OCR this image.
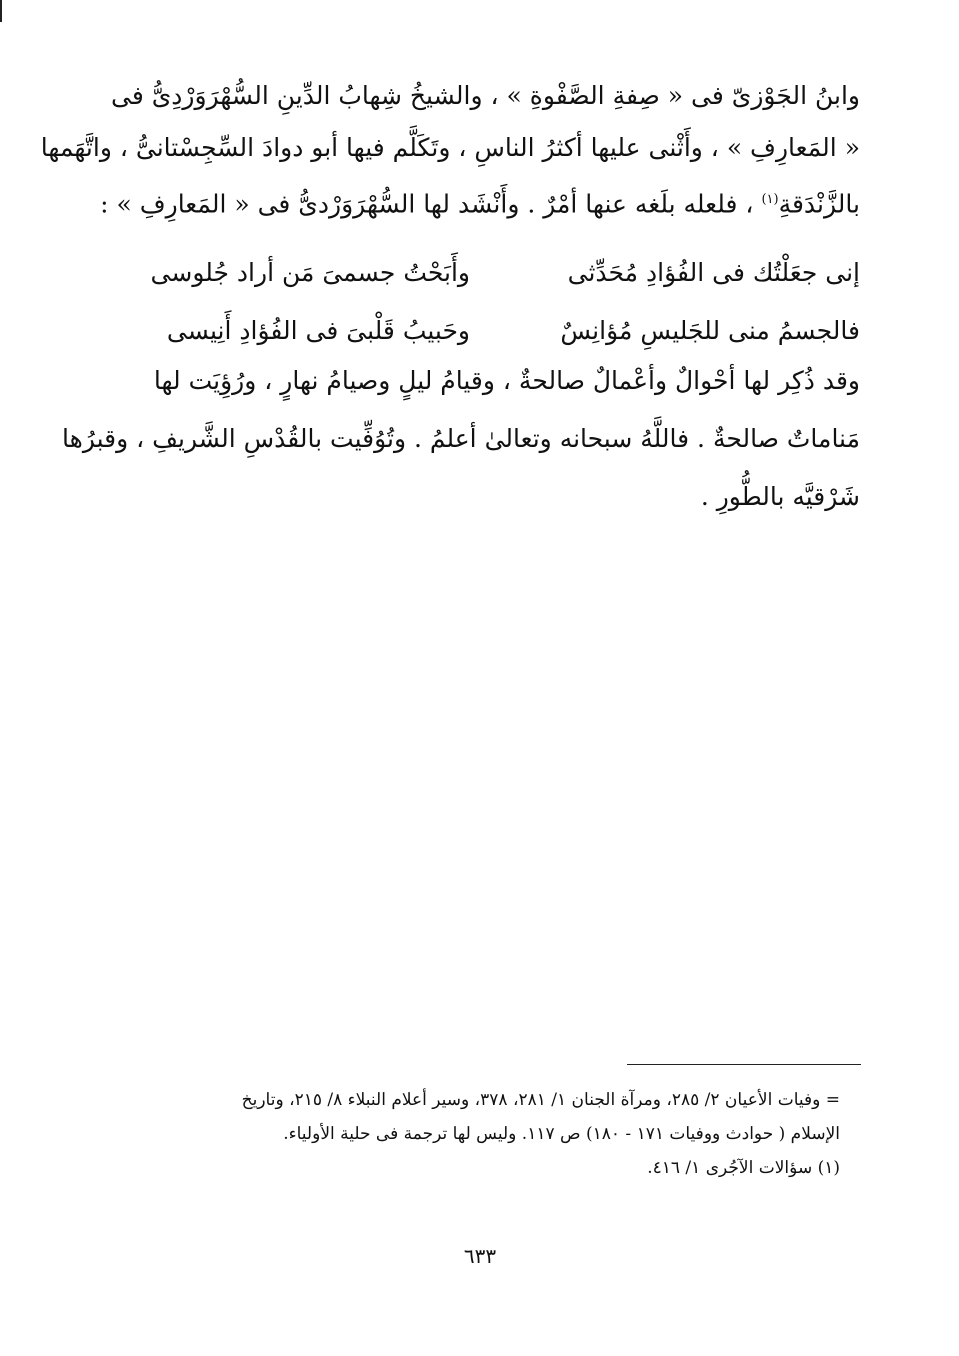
وابنُ الجَوْزىّ فى « صِفةِ الصَّفْوةِ » ، والشيخُ شِهابُ الدِّينِ السُّهْرَوَرْدِىُّ فى
« المَعارِفِ » ، وأَثْنى عليها أكثرُ الناسِ ، وتَكَلَّم فيها أبو دوادَ السِّجِسْتانىُّ ، واتَّهَمها
بالزَّنْدَقةِ$^{(١)}$ ، فلعله بلَغه عنها أمْرٌ . وأَنْشَد لها السُّهْرَوَرْدىُّ فى « المَعارِفِ » :
إنى جعَلْتُك فى الفُؤادِ مُحَدِّثى
وأَبَحْتُ جسمىَ مَن أراد جُلوسى
فالجسمُ منى للجَليسِ مُؤانِسٌ
وحَبيبُ قَلْبىَ فى الفُؤادِ أَنِيسى
وقد ذُكِر لها أحْوالٌ وأعْمالٌ صالحةٌ ، وقيامُ ليلٍ وصيامُ نهارٍ ، ورُؤِيَت لها
مَناماتٌ صالحةٌ . فاللَّهُ سبحانه وتعالىٰ أعلمُ . وتُوُفِّيت بالقُدْسِ الشَّريفِ ، وقبرُها
شَرْقيَّه بالطُّورِ .
= وفيات الأعيان ٢/ ٢٨٥، ومرآة الجنان ١/ ٢٨١، ٣٧٨، وسير أعلام النبلاء ٨/ ٢١٥، وتاريخ
الإسلام ( حوادث ووفيات ١٧١ - ١٨٠) ص ١١٧. وليس لها ترجمة فى حلية الأولياء.
(١) سؤالات الآجُرى ١/ ٤١٦.
٦٣٣
